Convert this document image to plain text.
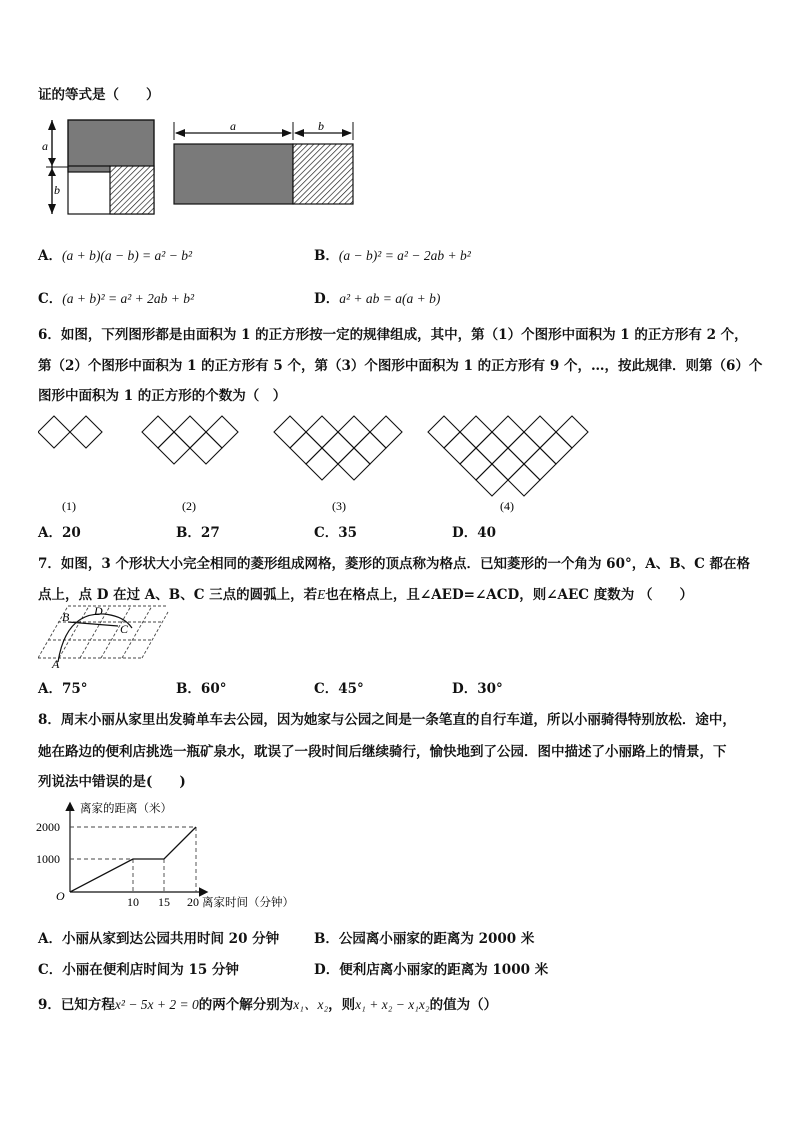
证的等式是（　　）
a
b
a	b
A．(a + b)(a − b) = a² − b²	B．(a − b)² = a² − 2ab + b²
C．(a + b)² = a² + 2ab + b²	D．a² + ab = a(a + b)
6．如图，下列图形都是由面积为 1 的正方形按一定的规律组成，其中，第（1）个图形中面积为 1 的正方形有 2 个，
第（2）个图形中面积为 1 的正方形有 5 个，第（3）个图形中面积为 1 的正方形有 9 个，…，按此规律．则第（6）个
图形中面积为 1 的正方形的个数为（　）
(1)	(2)	(3)	(4)
A．20	B．27	C．35	D．40
7．如图，3 个形状大小完全相同的菱形组成网格，菱形的顶点称为格点．已知菱形的一个角为 60°，A、B、C 都在格
点上，点 D 在过 A、B、C 三点的圆弧上，若E也在格点上，且∠AED=∠ACD，则∠AEC 度数为 （　　）
B D
C
A
A．75°	B．60°	C．45°	D．30°
8．周末小丽从家里出发骑单车去公园，因为她家与公园之间是一条笔直的自行车道，所以小丽骑得特别放松．途中，
她在路边的便利店挑选一瓶矿泉水，耽误了一段时间后继续骑行，愉快地到了公园．图中描述了小丽路上的情景，下
列说法中错误的是(　　)
离家的距离（米）
离家时间（分钟）
O
2000
1000
10 15 20
A．小丽从家到达公园共用时间 20 分钟	B．公园离小丽家的距离为 2000 米
C．小丽在便利店时间为 15 分钟	D．便利店离小丽家的距离为 1000 米
9．已知方程x² − 5x + 2 = 0的两个解分别为x₁、x₂，则x₁ + x₂ − x₁x₂的值为（）
